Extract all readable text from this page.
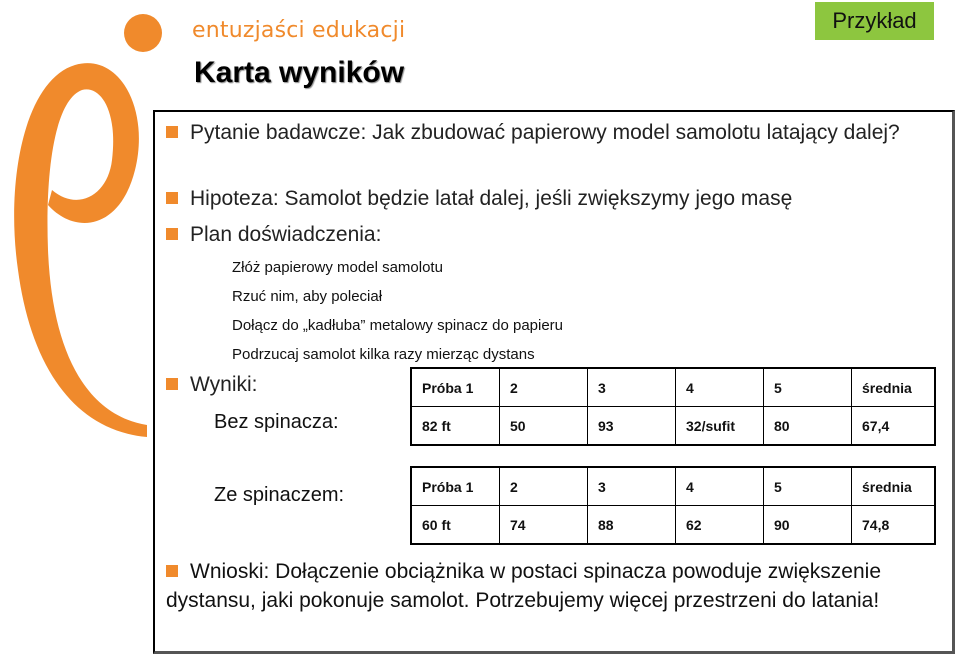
entuzjaści edukacji	Przykład
Karta wyników
Pytanie badawcze: Jak zbudować papierowy model samolotu latający dalej?
Hipoteza: Samolot będzie latał dalej, jeśli zwiększymy jego masę
Plan doświadczenia:
Złóż papierowy model samolotu
Rzuć nim, aby poleciał
Dołącz do „kadłuba” metalowy spinacz do papieru
Podrzucaj samolot kilka razy mierząc dystans
Wyniki:
Bez spinacza:
Próba 1	2	3	4	5	średnia
82 ft	50	93	32/sufit	80	67,4
Ze spinaczem:	Próba 1	2	3	4	5	średnia
60 ft	74	88	62	90	74,8
Wnioski: Dołączenie obciążnika w postaci spinacza powoduje zwiększenie dystansu, jaki pokonuje samolot. Potrzebujemy więcej przestrzeni do latania!
